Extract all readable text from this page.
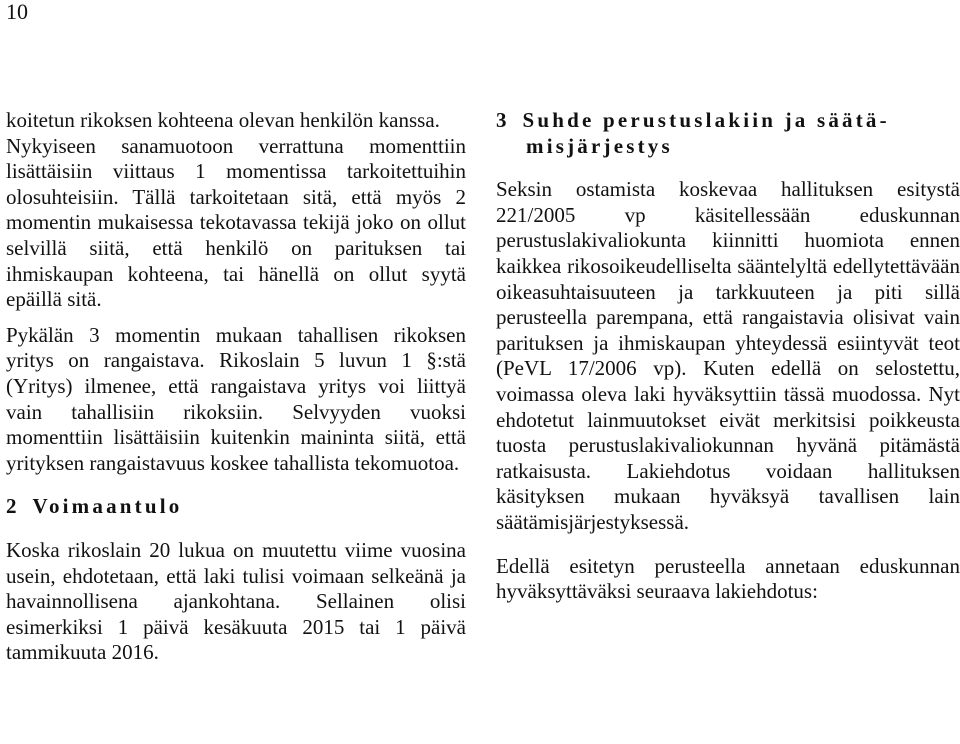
10

koitetun rikoksen kohteena olevan henkilön kanssa.

Nykyiseen sanamuotoon verrattuna momenttiin lisättäisiin viittaus 1 momentissa tarkoitettuihin olosuhteisiin. Tällä tarkoitetaan sitä, että myös 2 momentin mukaisessa tekotavassa tekijä joko on ollut selvillä siitä, että henkilö on parituksen tai ihmiskaupan kohteena, tai hänellä on ollut syytä epäillä sitä.

Pykälän 3 momentin mukaan tahallisen rikoksen yritys on rangaistava. Rikoslain 5 luvun 1 §:stä (Yritys) ilmenee, että rangaistava yritys voi liittyä vain tahallisiin rikoksiin. Selvyyden vuoksi momenttiin lisättäisiin kuitenkin maininta siitä, että yrityksen rangaistavuus koskee tahallista tekomuotoa.

2 Voimaantulo

Koska rikoslain 20 lukua on muutettu viime vuosina usein, ehdotetaan, että laki tulisi voimaan selkeänä ja havainnollisena ajankohtana. Sellainen olisi esimerkiksi 1 päivä kesäkuuta 2015 tai 1 päivä tammikuuta 2016.

3 Suhde perustuslakiin ja säätämisjärjestys

Seksin ostamista koskevaa hallituksen esitystä 221/2005 vp käsitellessään eduskunnan perustuslakivaliokunta kiinnitti huomiota ennen kaikkea rikosoikeudelliselta sääntelyltä edellytettävään oikeasuhtaisuuteen ja tarkkuuteen ja piti sillä perusteella parempana, että rangaistavia olisivat vain parituksen ja ihmiskaupan yhteydessä esiintyvät teot (PeVL 17/2006 vp). Kuten edellä on selostettu, voimassa oleva laki hyväksyttiin tässä muodossa. Nyt ehdotetut lainmuutokset eivät merkitsisi poikkeusta tuosta perustuslakivaliokunnan hyvänä pitämästä ratkaisusta. Lakiehdotus voidaan hallituksen käsityksen mukaan hyväksyä tavallisen lain säätämisjärjestyksessä.

Edellä esitetyn perusteella annetaan eduskunnan hyväksyttäväksi seuraava lakiehdotus:
